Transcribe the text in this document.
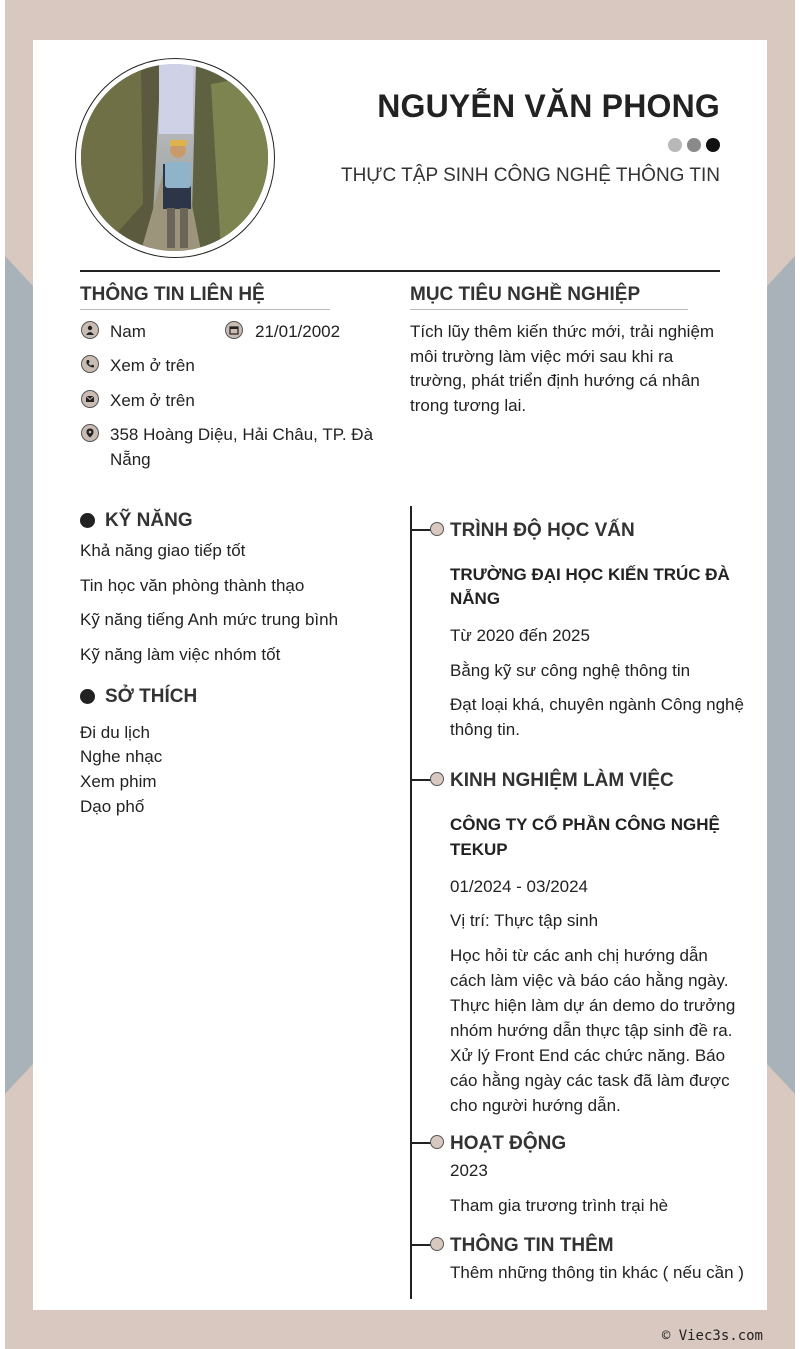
NGUYỄN VĂN PHONG
THỰC TẬP SINH CÔNG NGHỆ THÔNG TIN
THÔNG TIN LIÊN HỆ
Nam	21/01/2002
Xem ở trên
Xem ở trên
358 Hoàng Diệu, Hải Châu, TP. Đà
Nẵng
MỤC TIÊU NGHỀ NGHIỆP
Tích lũy thêm kiến thức mới, trải nghiệm
môi trường làm việc mới sau khi ra
trường, phát triển định hướng cá nhân
trong tương lai.
KỸ NĂNG
Khả năng giao tiếp tốt
Tin học văn phòng thành thạo
Kỹ năng tiếng Anh mức trung bình
Kỹ năng làm việc nhóm tốt
SỞ THÍCH
Đi du lịch
Nghe nhạc
Xem phim
Dạo phố
TRÌNH ĐỘ HỌC VẤN
TRƯỜNG ĐẠI HỌC KIẾN TRÚC ĐÀ
NẴNG
Từ 2020 đến 2025
Bằng kỹ sư công nghệ thông tin
Đạt loại khá, chuyên ngành Công nghệ
thông tin.
KINH NGHIỆM LÀM VIỆC
CÔNG TY CỔ PHẦN CÔNG NGHỆ
TEKUP
01/2024 - 03/2024
Vị trí: Thực tập sinh
Học hỏi từ các anh chị hướng dẫn
cách làm việc và báo cáo hằng ngày.
Thực hiện làm dự án demo do trưởng
nhóm hướng dẫn thực tập sinh đề ra.
Xử lý Front End các chức năng. Báo
cáo hằng ngày các task đã làm được
cho người hướng dẫn.
HOẠT ĐỘNG
2023
Tham gia trương trình trại hè
THÔNG TIN THÊM
Thêm những thông tin khác ( nếu cần )
© Viec3s.com
